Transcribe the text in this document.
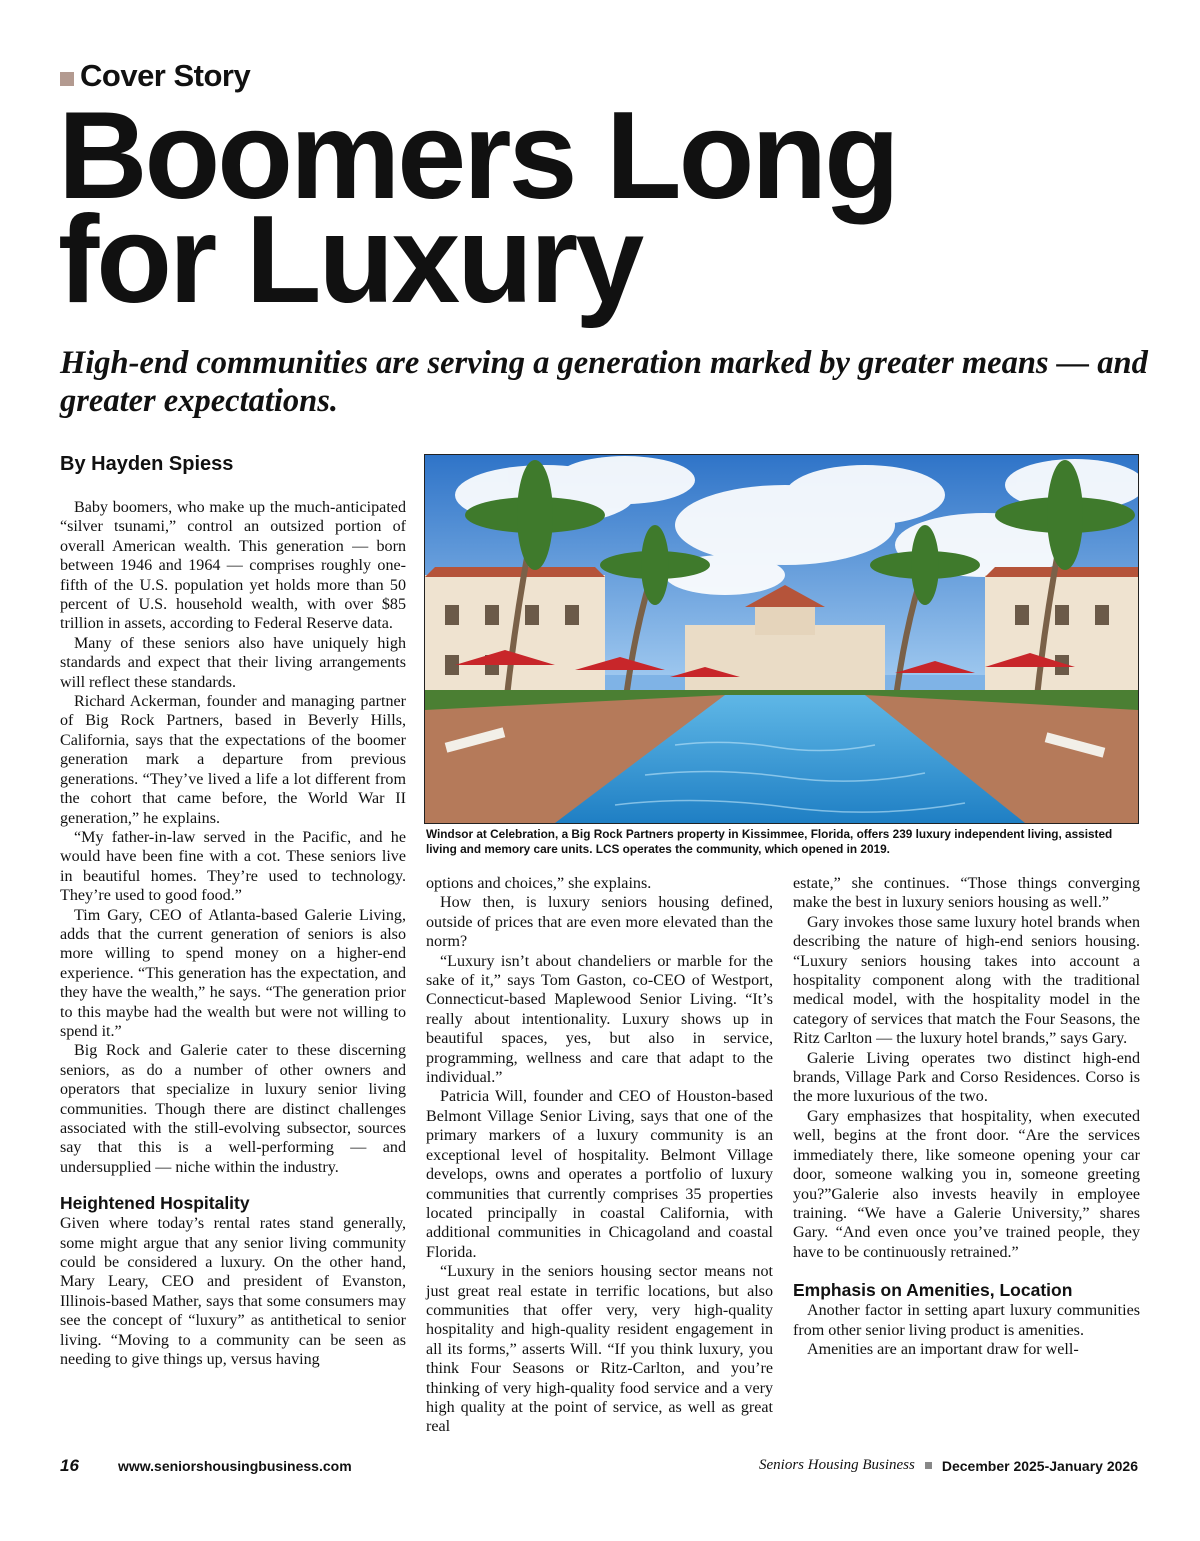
Cover Story
Boomers Long
for Luxury

High-end communities are serving a generation marked by greater means — and greater expectations.

By Hayden Spiess

Baby boomers, who make up the much-anticipated “silver tsunami,” control an outsized portion of overall American wealth. This generation — born between 1946 and 1964 — comprises roughly one-fifth of the U.S. population yet holds more than 50 percent of U.S. household wealth, with over $85 trillion in assets, according to Federal Reserve data.

Many of these seniors also have uniquely high standards and expect that their living arrangements will reflect these standards.

Richard Ackerman, founder and managing partner of Big Rock Partners, based in Beverly Hills, California, says that the expectations of the boomer generation mark a departure from previous generations. “They’ve lived a life a lot different from the cohort that came before, the World War II generation,” he explains.

“My father-in-law served in the Pacific, and he would have been fine with a cot. These seniors live in beautiful homes. They’re used to technology. They’re used to good food.”

Tim Gary, CEO of Atlanta-based Galerie Living, adds that the current generation of seniors is also more willing to spend money on a higher-end experience. “This generation has the expectation, and they have the wealth,” he says. “The generation prior to this maybe had the wealth but were not willing to spend it.”

Big Rock and Galerie cater to these discerning seniors, as do a number of other owners and operators that specialize in luxury senior living communities. Though there are distinct challenges associated with the still-evolving subsector, sources say that this is a well-performing — and undersupplied — niche within the industry.

Heightened Hospitality

Given where today’s rental rates stand generally, some might argue that any senior living community could be considered a luxury. On the other hand, Mary Leary, CEO and president of Evanston, Illinois-based Mather, says that some consumers may see the concept of “luxury” as antithetical to senior living. “Moving to a community can be seen as needing to give things up, versus having

Windsor at Celebration, a Big Rock Partners property in Kissimmee, Florida, offers 239 luxury independent living, assisted living and memory care units. LCS operates the community, which opened in 2019.

options and choices,” she explains.

How then, is luxury seniors housing defined, outside of prices that are even more elevated than the norm?

“Luxury isn’t about chandeliers or marble for the sake of it,” says Tom Gaston, co-CEO of Westport, Connecticut-based Maplewood Senior Living. “It’s really about intentionality. Luxury shows up in beautiful spaces, yes, but also in service, programming, wellness and care that adapt to the individual.”

Patricia Will, founder and CEO of Houston-based Belmont Village Senior Living, says that one of the primary markers of a luxury community is an exceptional level of hospitality. Belmont Village develops, owns and operates a portfolio of luxury communities that currently comprises 35 properties located principally in coastal California, with additional communities in Chicagoland and coastal Florida.

“Luxury in the seniors housing sector means not just great real estate in terrific locations, but also communities that offer very, very high-quality hospitality and high-quality resident engagement in all its forms,” asserts Will. “If you think luxury, you think Four Seasons or Ritz-Carlton, and you’re thinking of very high-quality food service and a very high quality at the point of service, as well as great real

estate,” she continues. “Those things converging make the best in luxury seniors housing as well.”

Gary invokes those same luxury hotel brands when describing the nature of high-end seniors housing. “Luxury seniors housing takes into account a hospitality component along with the traditional medical model, with the hospitality model in the category of services that match the Four Seasons, the Ritz Carlton — the luxury hotel brands,” says Gary.

Galerie Living operates two distinct high-end brands, Village Park and Corso Residences. Corso is the more luxurious of the two.

Gary emphasizes that hospitality, when executed well, begins at the front door. “Are the services immediately there, like someone opening your car door, someone walking you in, someone greeting you?”Galerie also invests heavily in employee training. “We have a Galerie University,” shares Gary. “And even once you’ve trained people, they have to be continuously retrained.”

Emphasis on Amenities, Location

Another factor in setting apart luxury communities from other senior living product is amenities.

Amenities are an important draw for well-

16	www.seniorshousingbusiness.com	Seniors Housing Business December 2025-January 2026
